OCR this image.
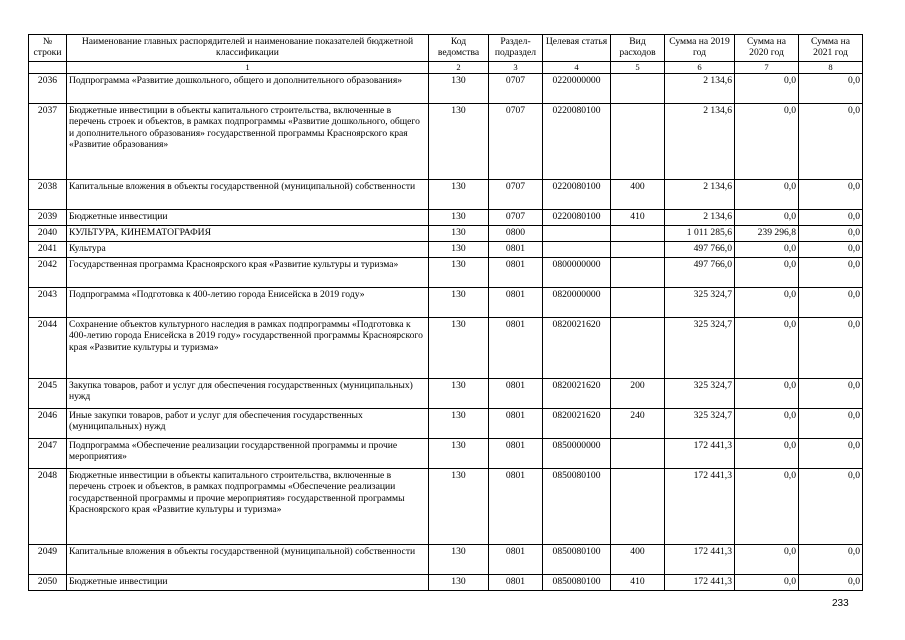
№ строки	Наименование главных распорядителей и наименование показателей бюджетной классификации	Код ведомства	Раздел-подраздел	Целевая статья	Вид расходов	Сумма на 2019 год	Сумма на 2020 год	Сумма на 2021 год
	1	2	3	4	5	6	7	8
2036	Подпрограмма «Развитие дошкольного, общего и дополнительного образования»	130	0707	0220000000		2 134,6	0,0	0,0
2037	Бюджетные инвестиции в объекты капитального строительства, включенные в перечень строек и объектов, в рамках подпрограммы «Развитие дошкольного, общего и дополнительного образования» государственной программы Красноярского края «Развитие образования»	130	0707	0220080100		2 134,6	0,0	0,0
2038	Капитальные вложения в объекты государственной (муниципальной) собственности	130	0707	0220080100	400	2 134,6	0,0	0,0
2039	Бюджетные инвестиции	130	0707	0220080100	410	2 134,6	0,0	0,0
2040	КУЛЬТУРА, КИНЕМАТОГРАФИЯ	130	0800			1 011 285,6	239 296,8	0,0
2041	Культура	130	0801			497 766,0	0,0	0,0
2042	Государственная программа Красноярского края «Развитие культуры и туризма»	130	0801	0800000000		497 766,0	0,0	0,0
2043	Подпрограмма «Подготовка к 400-летию города Енисейска в 2019 году»	130	0801	0820000000		325 324,7	0,0	0,0
2044	Сохранение объектов культурного наследия в рамках подпрограммы «Подготовка к 400-летию города Енисейска в 2019 году» государственной программы Красноярского края «Развитие культуры и туризма»	130	0801	0820021620		325 324,7	0,0	0,0
2045	Закупка товаров, работ и услуг для обеспечения государственных (муниципальных) нужд	130	0801	0820021620	200	325 324,7	0,0	0,0
2046	Иные закупки товаров, работ и услуг для обеспечения государственных (муниципальных) нужд	130	0801	0820021620	240	325 324,7	0,0	0,0
2047	Подпрограмма «Обеспечение реализации государственной программы и прочие мероприятия»	130	0801	0850000000		172 441,3	0,0	0,0
2048	Бюджетные инвестиции в объекты капитального строительства, включенные в перечень строек и объектов, в рамках подпрограммы «Обеспечение реализации государственной программы и прочие мероприятия» государственной программы Красноярского края «Развитие культуры и туризма»	130	0801	0850080100		172 441,3	0,0	0,0
2049	Капитальные вложения в объекты государственной (муниципальной) собственности	130	0801	0850080100	400	172 441,3	0,0	0,0
2050	Бюджетные инвестиции	130	0801	0850080100	410	172 441,3	0,0	0,0
233
